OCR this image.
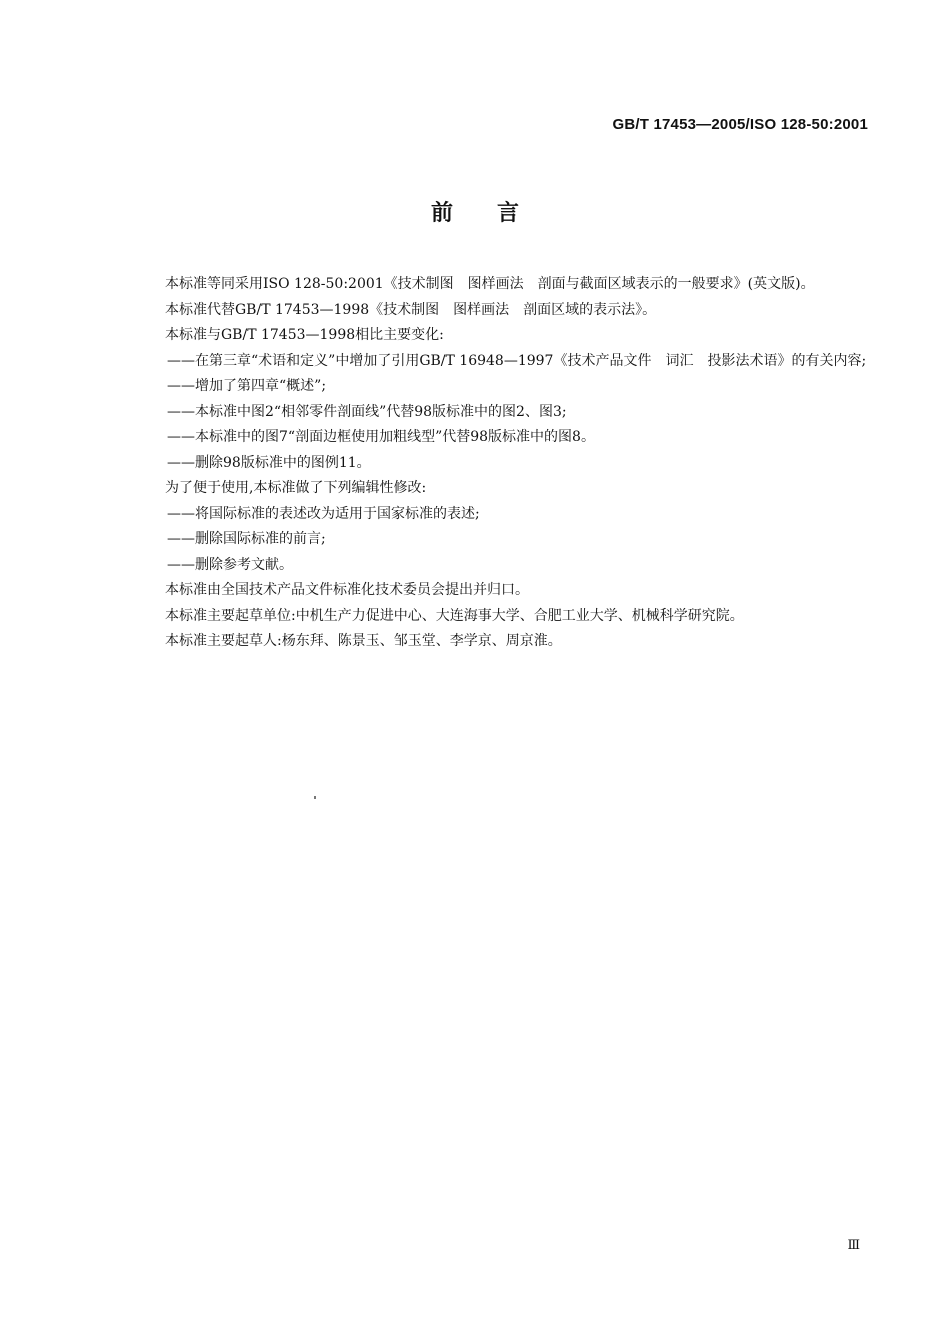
GB/T 17453—2005/ISO 128-50:2001
前言

本标准等同采用ISO 128-50:2001《技术制图　图样画法　剖面与截面区域表示的一般要求》(英文版)。

本标准代替GB/T 17453—1998《技术制图　图样画法　剖面区域的表示法》。

本标准与GB/T 17453—1998相比主要变化:

——在第三章“术语和定义”中增加了引用GB/T 16948—1997《技术产品文件　词汇　投影法术语》的有关内容;

——增加了第四章“概述”;

——本标准中图2“相邻零件剖面线”代替98版标准中的图2、图3;

——本标准中的图7“剖面边框使用加粗线型”代替98版标准中的图8。

——删除98版标准中的图例11。

为了便于使用,本标准做了下列编辑性修改:

——将国际标准的表述改为适用于国家标准的表述;

——删除国际标准的前言;

——删除参考文献。

本标准由全国技术产品文件标准化技术委员会提出并归口。

本标准主要起草单位:中机生产力促进中心、大连海事大学、合肥工业大学、机械科学研究院。

本标准主要起草人:杨东拜、陈景玉、邹玉堂、李学京、周京淮。

Ⅲ
